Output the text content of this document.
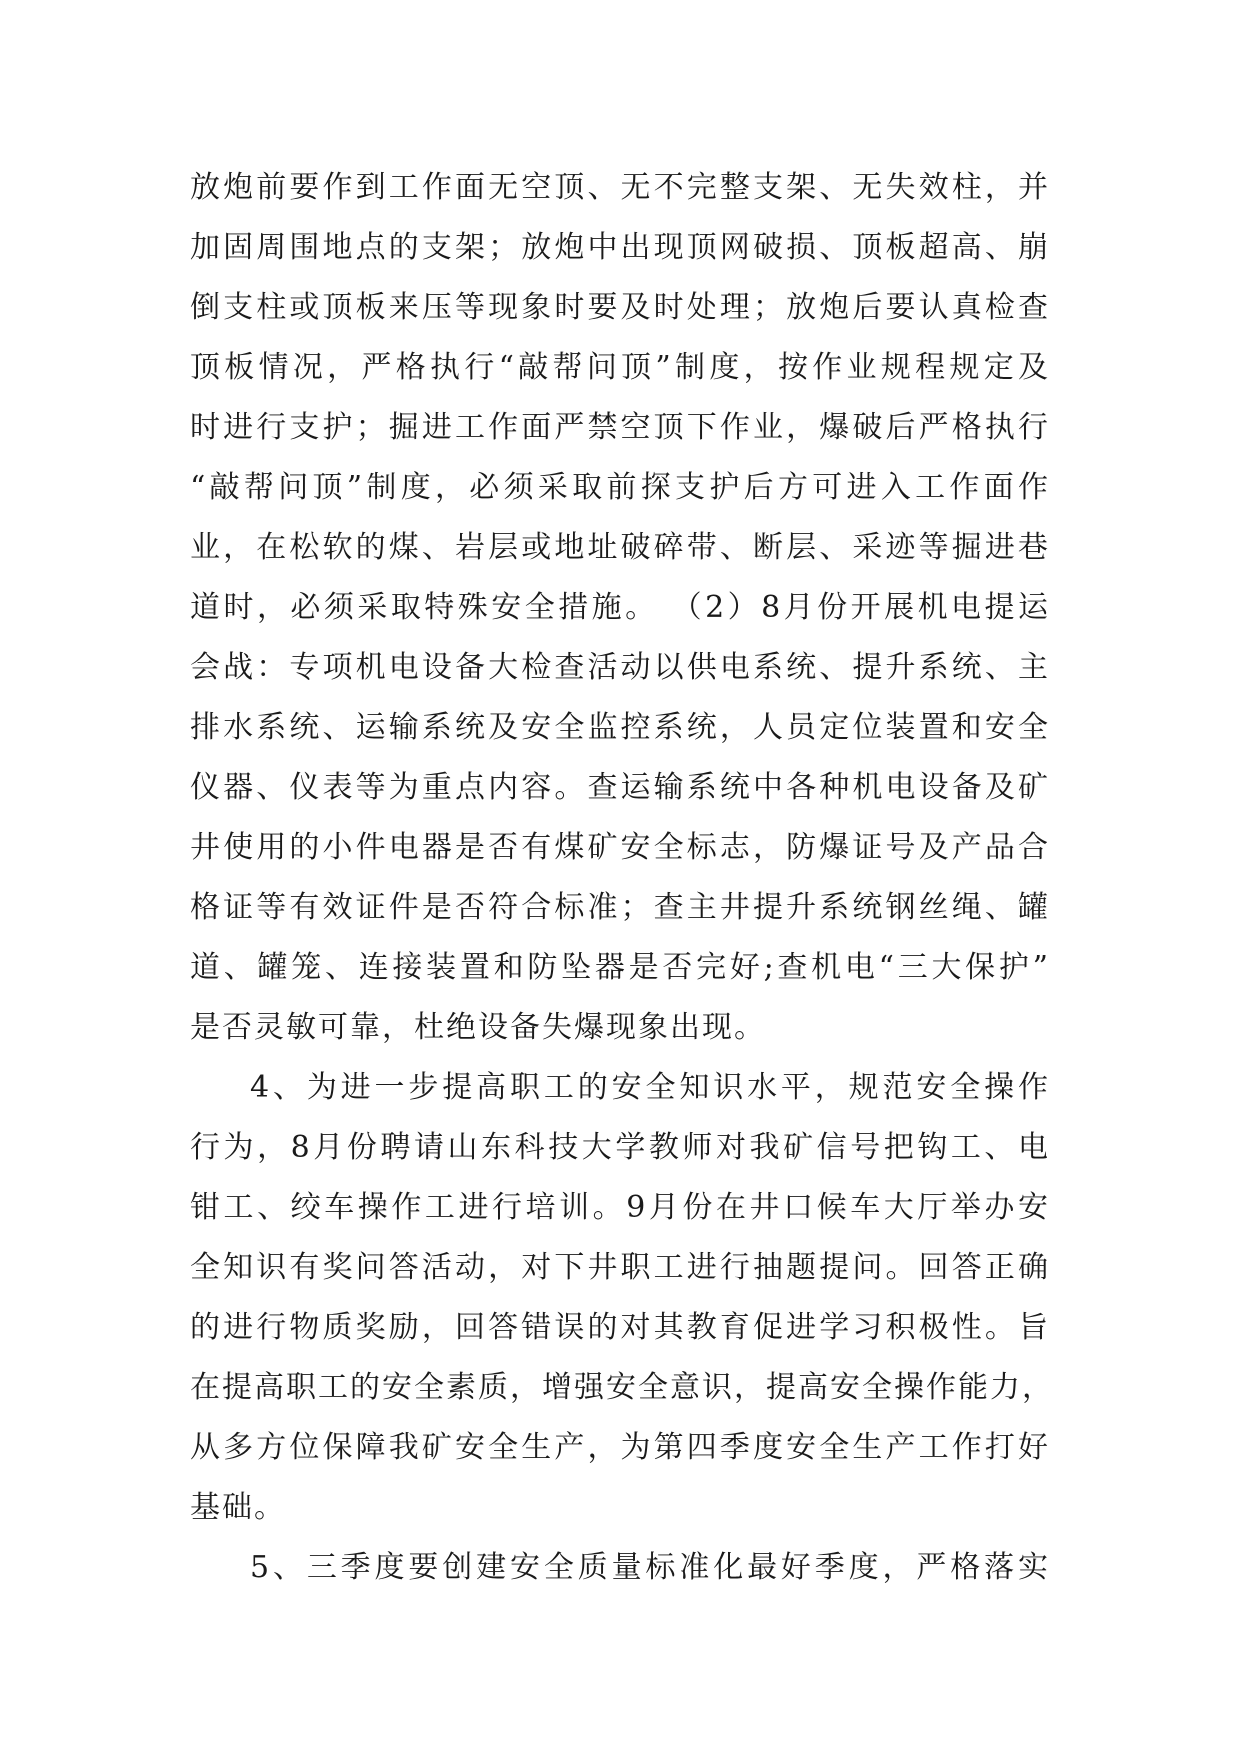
放炮前要作到工作面无空顶、无不完整支架、无失效柱，并
加固周围地点的支架；放炮中出现顶网破损、顶板超高、崩
倒支柱或顶板来压等现象时要及时处理；放炮后要认真检查
顶板情况，严格执行“敲帮问顶”制度，按作业规程规定及
时进行支护；掘进工作面严禁空顶下作业，爆破后严格执行
“敲帮问顶”制度，必须采取前探支护后方可进入工作面作
业，在松软的煤、岩层或地址破碎带、断层、采迹等掘进巷
道时，必须采取特殊安全措施。 （2）8月份开展机电提运
会战：专项机电设备大检查活动以供电系统、提升系统、主
排水系统、运输系统及安全监控系统，人员定位装置和安全
仪器、仪表等为重点内容。查运输系统中各种机电设备及矿
井使用的小件电器是否有煤矿安全标志，防爆证号及产品合
格证等有效证件是否符合标准；查主井提升系统钢丝绳、罐
道、罐笼、连接装置和防坠器是否完好;查机电“三大保护”
是否灵敏可靠，杜绝设备失爆现象出现。
4、为进一步提高职工的安全知识水平，规范安全操作
行为，8月份聘请山东科技大学教师对我矿信号把钩工、电
钳工、绞车操作工进行培训。9月份在井口候车大厅举办安
全知识有奖问答活动，对下井职工进行抽题提问。回答正确
的进行物质奖励，回答错误的对其教育促进学习积极性。旨
在提高职工的安全素质，增强安全意识，提高安全操作能力，
从多方位保障我矿安全生产，为第四季度安全生产工作打好
基础。
5、三季度要创建安全质量标准化最好季度，严格落实
